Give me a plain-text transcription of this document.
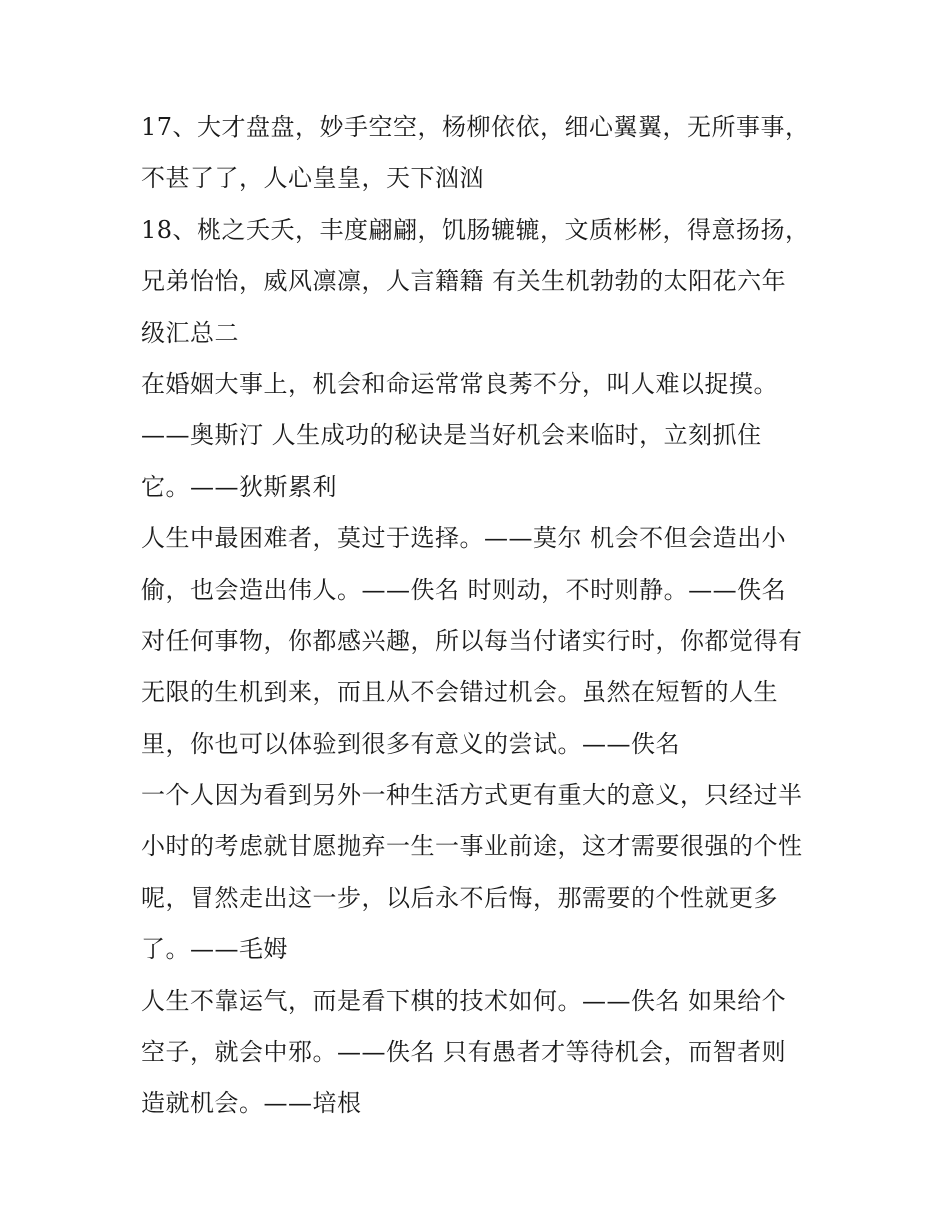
17、大才盘盘，妙手空空，杨柳依依，细心翼翼，无所事事，
不甚了了，人心皇皇，天下汹汹
18、桃之夭夭，丰度翩翩，饥肠辘辘，文质彬彬，得意扬扬，
兄弟怡怡，威风凛凛，人言籍籍 有关生机勃勃的太阳花六年
级汇总二
在婚姻大事上，机会和命运常常良莠不分，叫人难以捉摸。
——奥斯汀 人生成功的秘诀是当好机会来临时，立刻抓住
它。——狄斯累利
人生中最困难者，莫过于选择。——莫尔 机会不但会造出小
偷，也会造出伟人。——佚名 时则动，不时则静。——佚名
对任何事物，你都感兴趣，所以每当付诸实行时，你都觉得有
无限的生机到来，而且从不会错过机会。虽然在短暂的人生
里，你也可以体验到很多有意义的尝试。——佚名
一个人因为看到另外一种生活方式更有重大的意义，只经过半
小时的考虑就甘愿抛弃一生一事业前途，这才需要很强的个性
呢，冒然走出这一步，以后永不后悔，那需要的个性就更多
了。——毛姆
人生不靠运气，而是看下棋的技术如何。——佚名 如果给个
空子，就会中邪。——佚名 只有愚者才等待机会，而智者则
造就机会。——培根
